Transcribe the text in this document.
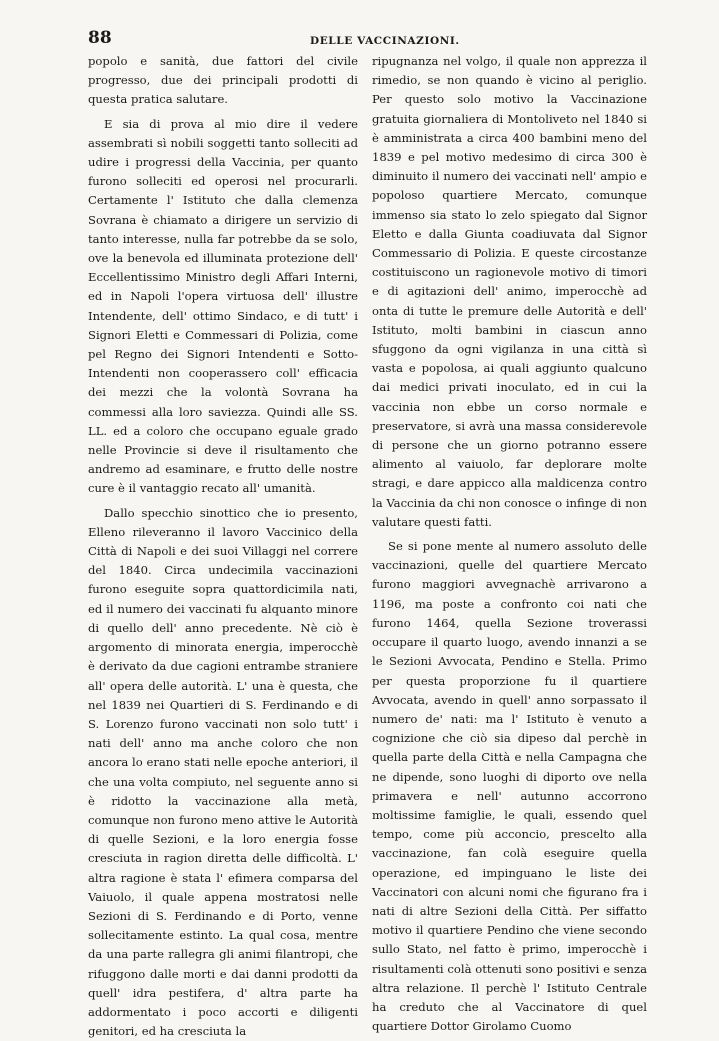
88	DELLE VACCINAZIONI.

popolo e sanità, due fattori del civile progresso, due dei principali prodotti di questa pratica salutare.

E sia di prova al mio dire il vedere assembrati sì nobili soggetti tanto solleciti ad udire i progressi della Vaccinia, per quanto furono solleciti ed operosi nel procurarli. Certamente l' Istituto che dalla clemenza Sovrana è chiamato a dirigere un servizio di tanto interesse, nulla far potrebbe da se solo, ove la benevola ed illuminata protezione dell' Eccellentissimo Ministro degli Affari Interni, ed in Napoli l'opera virtuosa dell' illustre Intendente, dell' ottimo Sindaco, e di tutt' i Signori Eletti e Commessari di Polizia, come pel Regno dei Signori Intendenti e Sotto-Intendenti non cooperassero coll' efficacia dei mezzi che la volontà Sovrana ha commessi alla loro saviezza. Quindi alle SS. LL. ed a coloro che occupano eguale grado nelle Provincie si deve il risultamento che andremo ad esaminare, e frutto delle nostre cure è il vantaggio recato all' umanità.

Dallo specchio sinottico che io presento, Elleno rileveranno il lavoro Vaccinico della Città di Napoli e dei suoi Villaggi nel correre del 1840. Circa undecimila vaccinazioni furono eseguite sopra quattordicimila nati, ed il numero dei vaccinati fu alquanto minore di quello dell' anno precedente. Nè ciò è argomento di minorata energia, imperocchè è derivato da due cagioni entrambe straniere all' opera delle autorità. L' una è questa, che nel 1839 nei Quartieri di S. Ferdinando e di S. Lorenzo furono vaccinati non solo tutt' i nati dell' anno ma anche coloro che non ancora lo erano stati nelle epoche anteriori, il che una volta compiuto, nel seguente anno si è ridotto la vaccinazione alla metà, comunque non furono meno attive le Autorità di quelle Sezioni, e la loro energia fosse cresciuta in ragion diretta delle difficoltà. L' altra ragione è stata l' efimera comparsa del Vaiuolo, il quale appena mostratosi nelle Sezioni di S. Ferdinando e di Porto, venne sollecitamente estinto. La qual cosa, mentre da una parte rallegra gli animi filantropi, che rifuggono dalle morti e dai danni prodotti da quell' idra pestifera, d' altra parte ha addormentato i poco accorti e diligenti genitori, ed ha cresciuta la

ripugnanza nel volgo, il quale non apprezza il rimedio, se non quando è vicino al periglio. Per questo solo motivo la Vaccinazione gratuita giornaliera di Montoliveto nel 1840 si è amministrata a circa 400 bambini meno del 1839 e pel motivo medesimo di circa 300 è diminuito il numero dei vaccinati nell' ampio e popoloso quartiere Mercato, comunque immenso sia stato lo zelo spiegato dal Signor Eletto e dalla Giunta coadiuvata dal Signor Commessario di Polizia. E queste circostanze costituiscono un ragionevole motivo di timori e di agitazioni dell' animo, imperocchè ad onta di tutte le premure delle Autorità e dell' Istituto, molti bambini in ciascun anno sfuggono da ogni vigilanza in una città sì vasta e popolosa, ai quali aggiunto qualcuno dai medici privati inoculato, ed in cui la vaccinia non ebbe un corso normale e preservatore, si avrà una massa considerevole di persone che un giorno potranno essere alimento al vaiuolo, far deplorare molte stragi, e dare appicco alla maldicenza contro la Vaccinia da chi non conosce o infinge di non valutare questi fatti.

Se si pone mente al numero assoluto delle vaccinazioni, quelle del quartiere Mercato furono maggiori avvegnachè arrivarono a 1196, ma poste a confronto coi nati che furono 1464, quella Sezione troverassi occupare il quarto luogo, avendo innanzi a se le Sezioni Avvocata, Pendino e Stella. Primo per questa proporzione fu il quartiere Avvocata, avendo in quell' anno sorpassato il numero de' nati: ma l' Istituto è venuto a cognizione che ciò sia dipeso dal perchè in quella parte della Città e nella Campagna che ne dipende, sono luoghi di diporto ove nella primavera e nell' autunno accorrono moltissime famiglie, le quali, essendo quel tempo, come più acconcio, prescelto alla vaccinazione, fan colà eseguire quella operazione, ed impinguano le liste dei Vaccinatori con alcuni nomi che figurano fra i nati di altre Sezioni della Città. Per siffatto motivo il quartiere Pendino che viene secondo sullo Stato, nel fatto è primo, imperocchè i risultamenti colà ottenuti sono positivi e senza altra relazione. Il perchè l' Istituto Centrale ha creduto che al Vaccinatore di quel quartiere Dottor Girolamo Cuomo
